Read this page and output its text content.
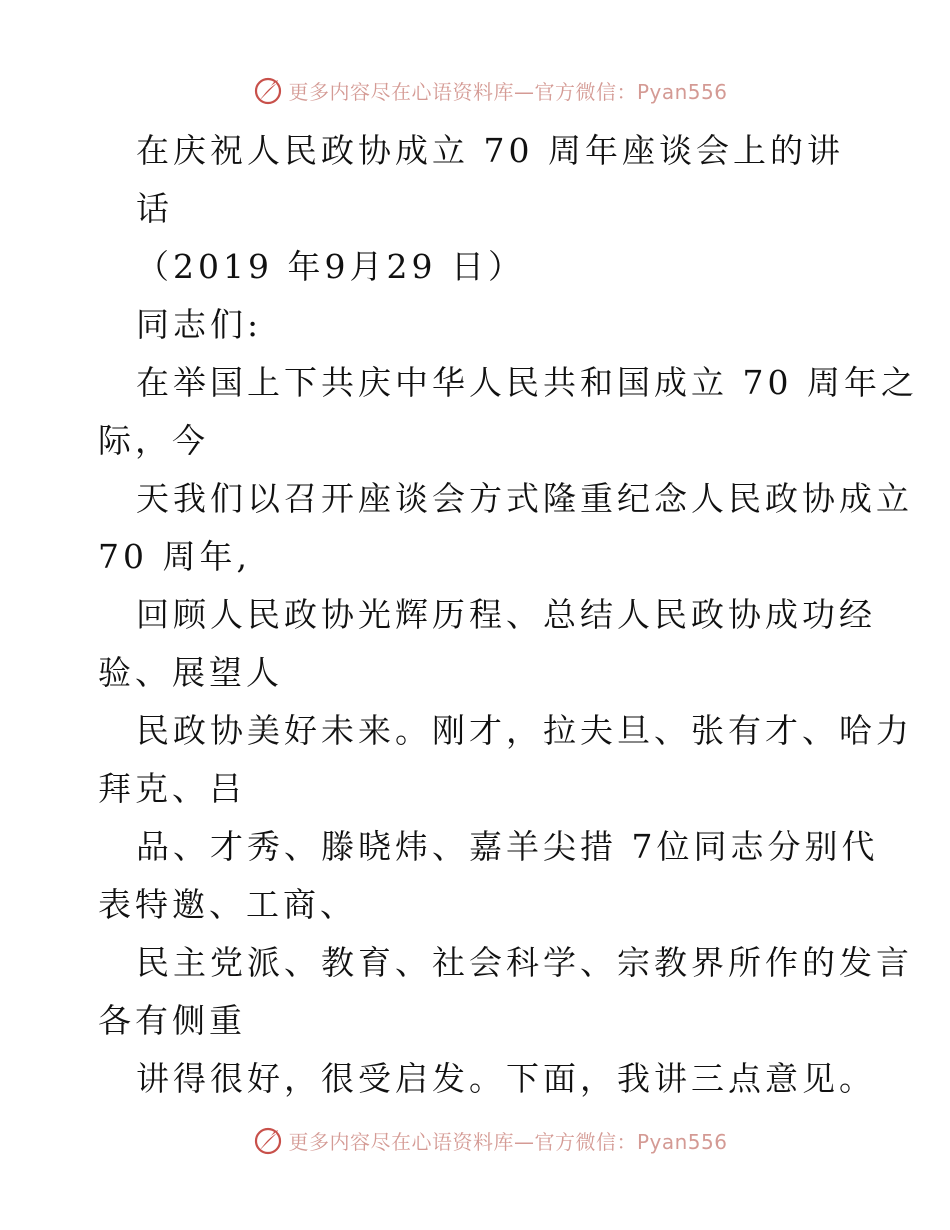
更多内容尽在心语资料库—官方微信：Pyan556
在庆祝人民政协成立 70 周年座谈会上的讲
话
（2019 年9月29 日）
同志们:
在举国上下共庆中华人民共和国成立 70 周年之
际，今
天我们以召开座谈会方式隆重纪念人民政协成立
70 周年,
回顾人民政协光辉历程、总结人民政协成功经
验、展望人
民政协美好未来。刚才，拉夫旦、张有才、哈力
拜克、吕
品、才秀、滕晓炜、嘉羊尖措 7位同志分别代
表特邀、工商、
民主党派、教育、社会科学、宗教界所作的发言
各有侧重
讲得很好，很受启发。下面，我讲三点意见。
更多内容尽在心语资料库—官方微信：Pyan556
